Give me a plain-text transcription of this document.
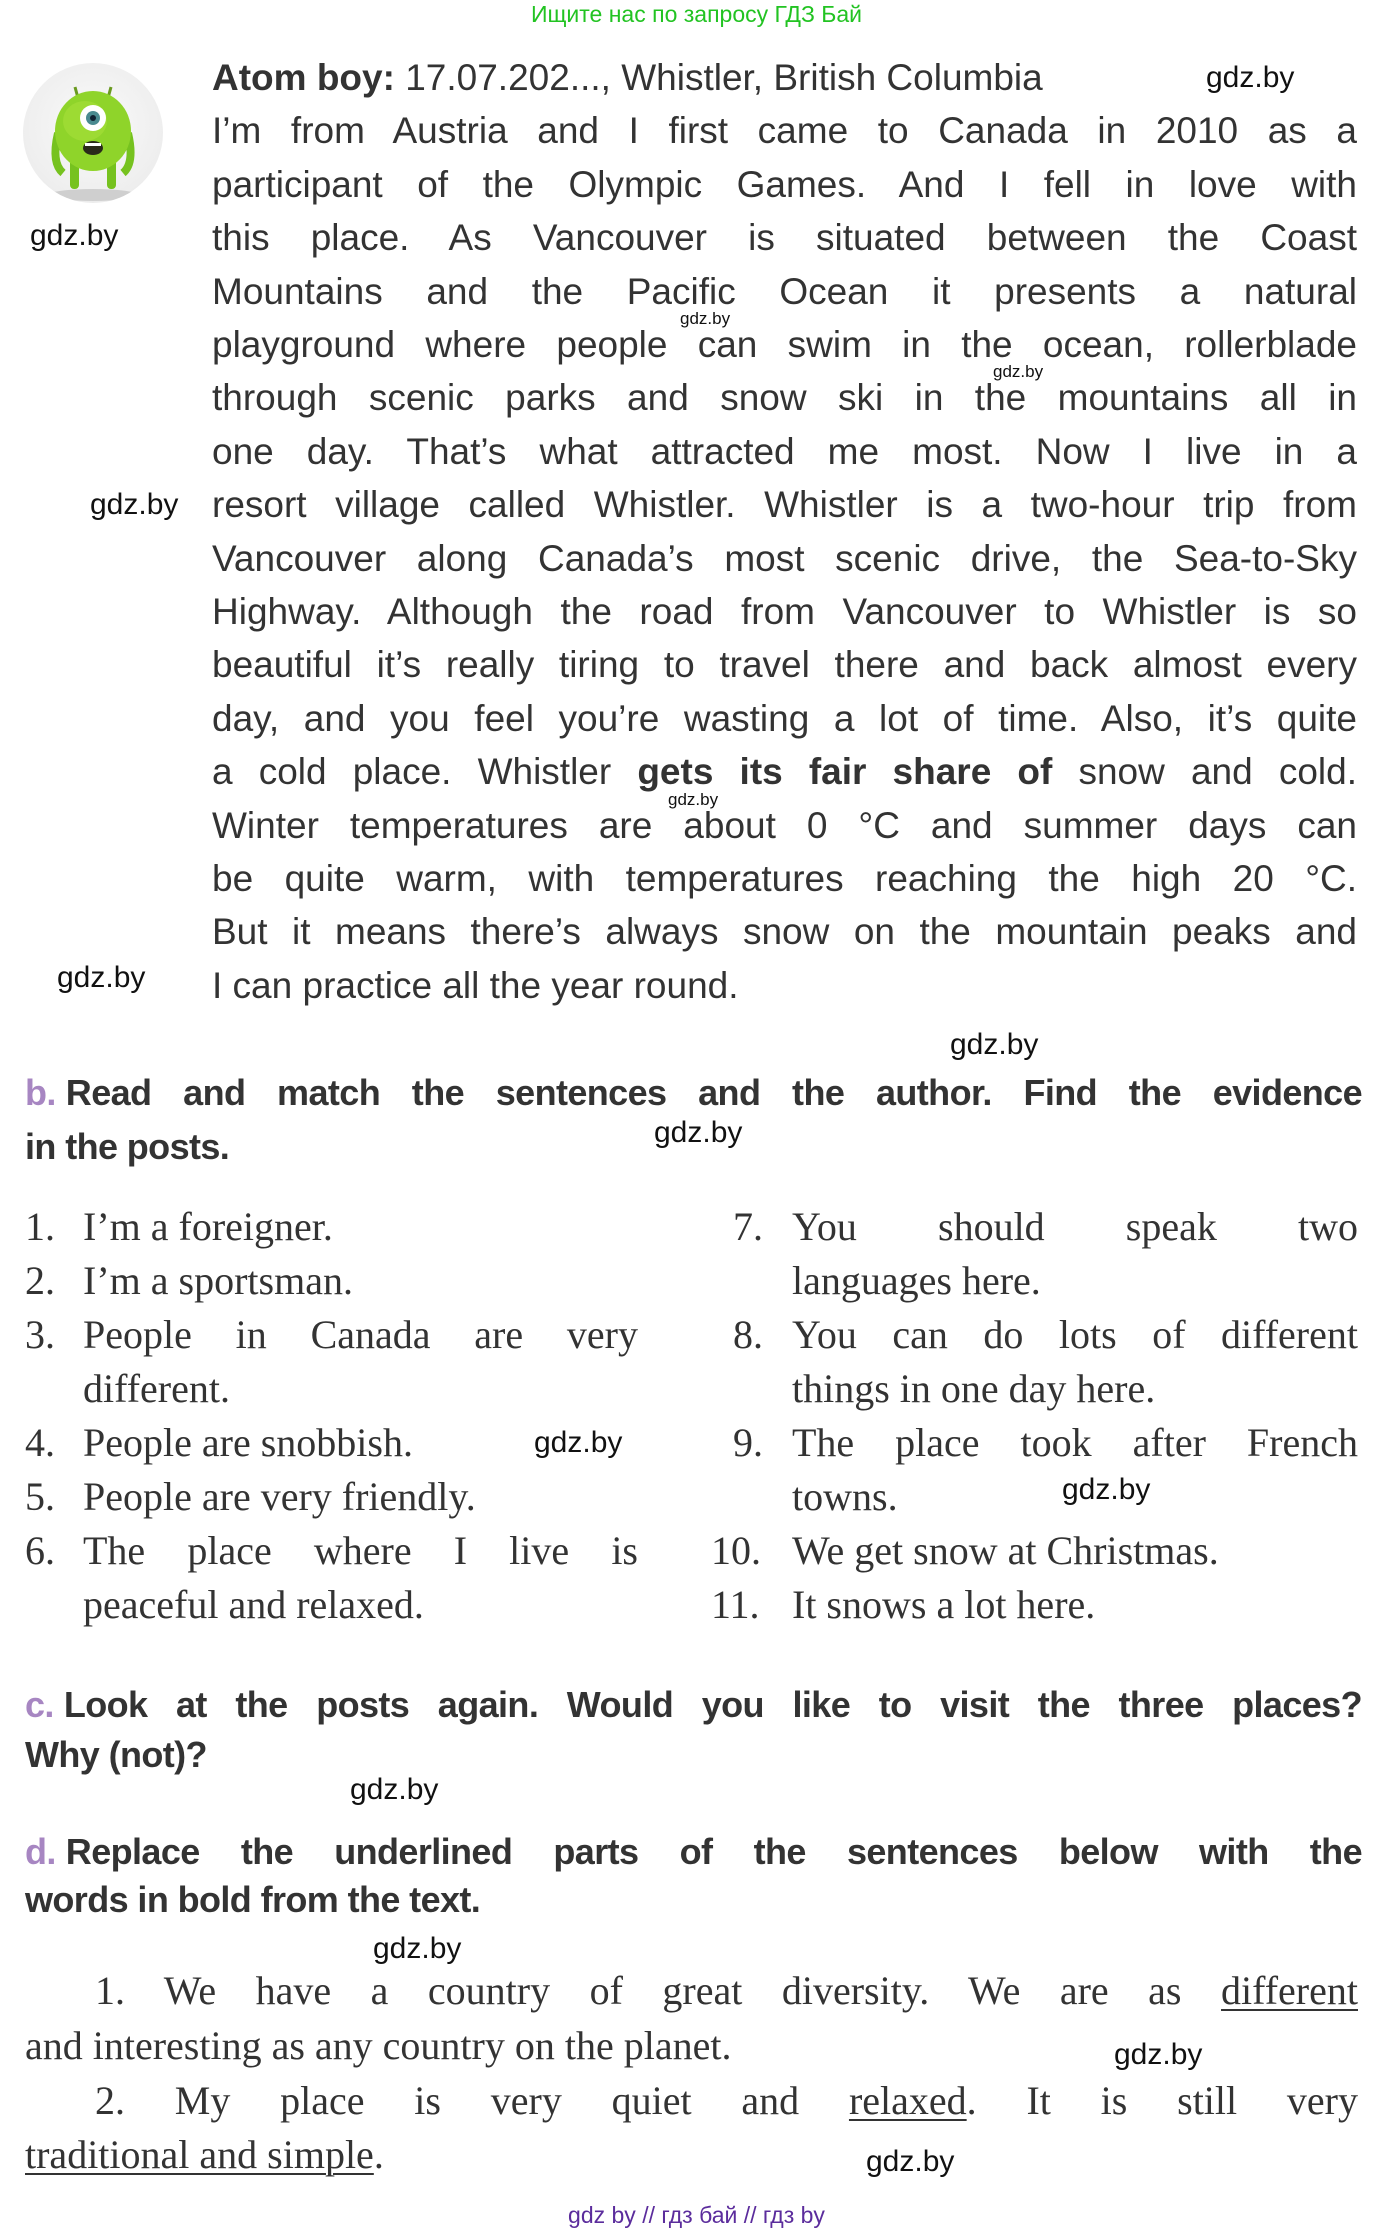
Ищите нас по запросу ГДЗ Бай
Atom boy: 17.07.202..., Whistler, British Columbia
I’m from Austria and I first came to Canada in 2010 as a
participant of the Olympic Games. And I fell in love with
this place. As Vancouver is situated between the Coast
Mountains and the Pacific Ocean it presents a natural
playground where people can swim in the ocean, rollerblade
through scenic parks and snow ski in the mountains all in
one day. That’s what attracted me most. Now I live in a
resort village called Whistler. Whistler is a two-hour trip from
Vancouver along Canada’s most scenic drive, the Sea-to-Sky
Highway. Although the road from Vancouver to Whistler is so
beautiful it’s really tiring to travel there and back almost every
day, and you feel you’re wasting a lot of time. Also, it’s quite
a cold place. Whistler gets its fair share of snow and cold.
Winter temperatures are about 0 °C and summer days can
be quite warm, with temperatures reaching the high 20 °C.
But it means there’s always snow on the mountain peaks and
I can practice all the year round.
gdz.by
gdz.by
gdz.by
gdz.by
gdz.by
gdz.by
gdz.by
gdz.by
gdz.by
gdz.by
gdz.by
gdz.by
gdz.by
gdz.by
gdz.by
b. Read and match the sentences and the author. Find the evidence
in the posts.
1. I’m a foreigner.
2. I’m a sportsman.
3. People in Canada are very
different.
4. People are snobbish.
5. People are very friendly.
6. The place where I live is
peaceful and relaxed.
7. You should speak two
languages here.
8. You can do lots of different
things in one day here.
9. The place took after French
towns.
10. We get snow at Christmas.
11. It snows a lot here.
c. Look at the posts again. Would you like to visit the three places?
Why (not)?
d. Replace the underlined parts of the sentences below with the
words in bold from the text.
1. We have a country of great diversity. We are as different
and interesting as any country on the planet.
2. My place is very quiet and relaxed. It is still very
traditional and simple.
gdz by // гдз бай // гдз by
